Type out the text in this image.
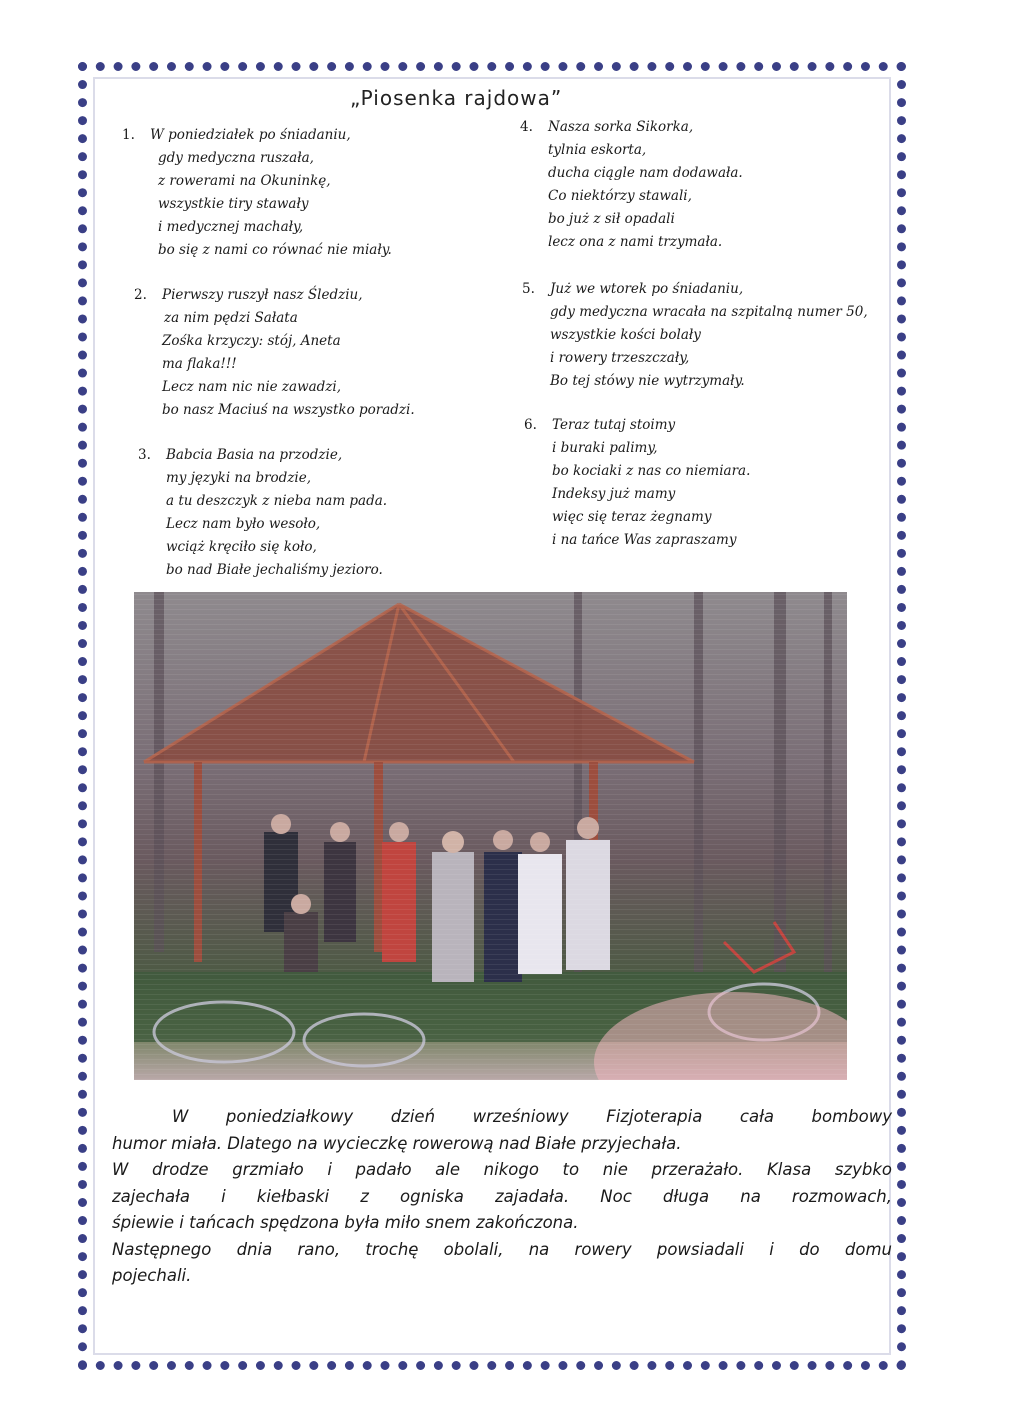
„Piosenka rajdowa”
1. W poniedziałek po śniadaniu,
gdy medyczna ruszała,
z rowerami na Okuninkę,
wszystkie tiry stawały
i medycznej machały,
bo się z nami co równać nie miały.
2. Pierwszy ruszył nasz Śledziu,
za nim pędzi Sałata
Zośka krzyczy: stój, Aneta
ma flaka!!!
Lecz nam nic nie zawadzi,
bo nasz Maciuś na wszystko poradzi.
3. Babcia Basia na przodzie,
my języki na brodzie,
a tu deszczyk z nieba nam pada.
Lecz nam było wesoło,
wciąż kręciło się koło,
bo nad Białe jechaliśmy jezioro.
4. Nasza sorka Sikorka,
tylnia eskorta,
ducha ciągle nam dodawała.
Co niektórzy stawali,
bo już z sił opadali
lecz ona z nami trzymała.
5. Już we wtorek po śniadaniu,
gdy medyczna wracała na szpitalną numer 50,
wszystkie kości bolały
i rowery trzeszczały,
Bo tej stówy nie wytrzymały.
6. Teraz tutaj stoimy
i buraki palimy,
bo kociaki z nas co niemiara.
Indeksy już mamy
więc się teraz żegnamy
i na tańce Was zapraszamy
W poniedziałkowy dzień wrześniowy Fizjoterapia cała bombowy
humor miała. Dlatego na wycieczkę rowerową nad Białe przyjechała.
W drodze grzmiało i padało ale nikogo to nie przerażało. Klasa szybko
zajechała i kiełbaski z ogniska zajadała. Noc długa na rozmowach,
śpiewie i tańcach spędzona była miło snem zakończona.
Następnego dnia rano, trochę obolali, na rowery powsiadali i do domu
pojechali.
